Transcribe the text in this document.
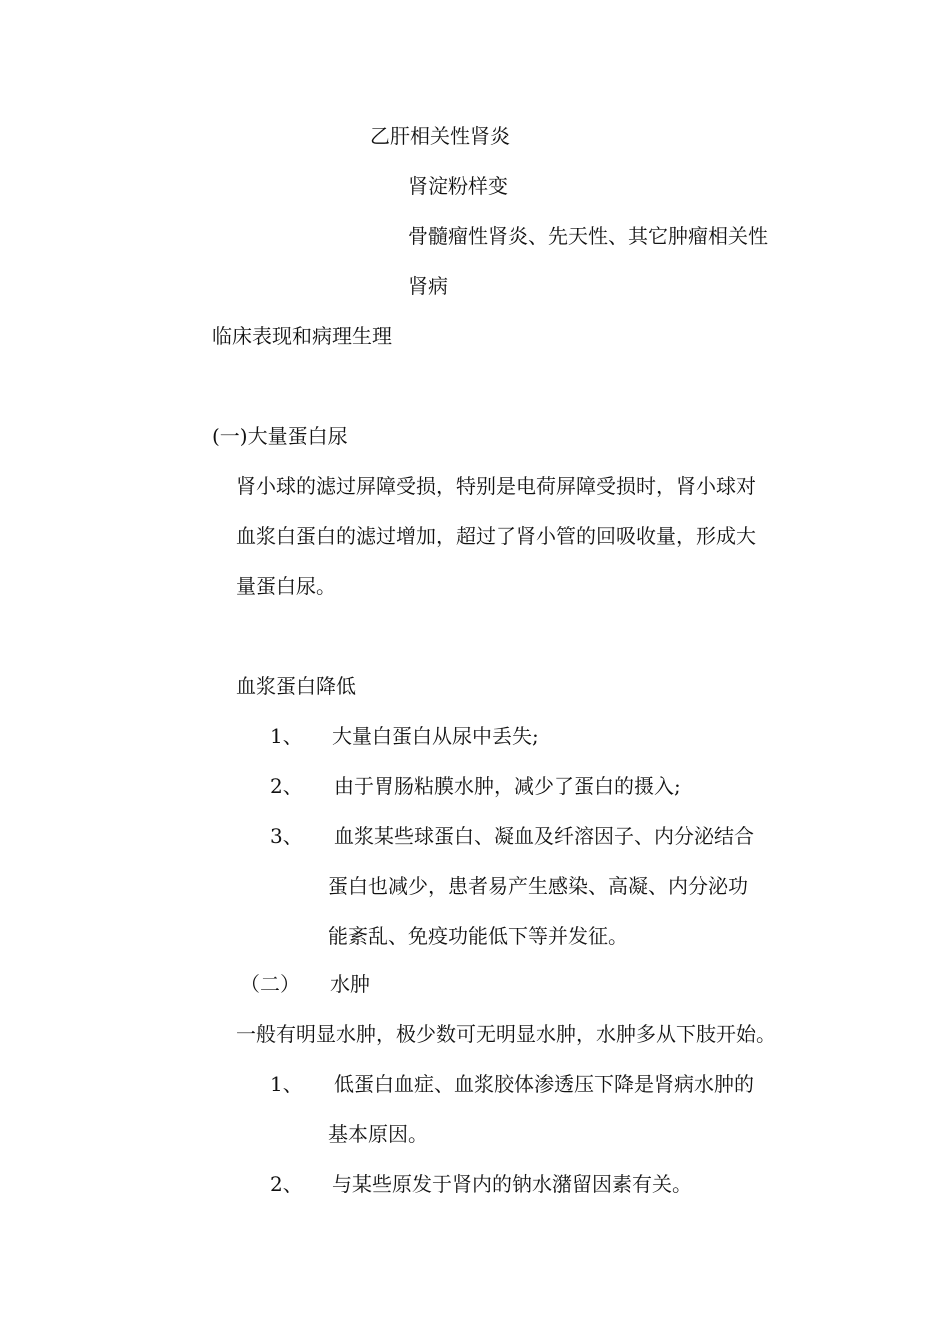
乙肝相关性肾炎
肾淀粉样变
骨髓瘤性肾炎、先天性、其它肿瘤相关性
肾病
临床表现和病理生理
(一)大量蛋白尿
肾小球的滤过屏障受损，特别是电荷屏障受损时，肾小球对
血浆白蛋白的滤过增加，超过了肾小管的回吸收量，形成大
量蛋白尿。
血浆蛋白降低
1、 大量白蛋白从尿中丢失;
2、 由于胃肠粘膜水肿，减少了蛋白的摄入;
3、 血浆某些球蛋白、凝血及纤溶因子、内分泌结合
蛋白也减少，患者易产生感染、高凝、内分泌功
能紊乱、免疫功能低下等并发征。
（二） 水肿
一般有明显水肿，极少数可无明显水肿，水肿多从下肢开始。
1、 低蛋白血症、血浆胶体渗透压下降是肾病水肿的
基本原因。
2、 与某些原发于肾内的钠水潴留因素有关。
